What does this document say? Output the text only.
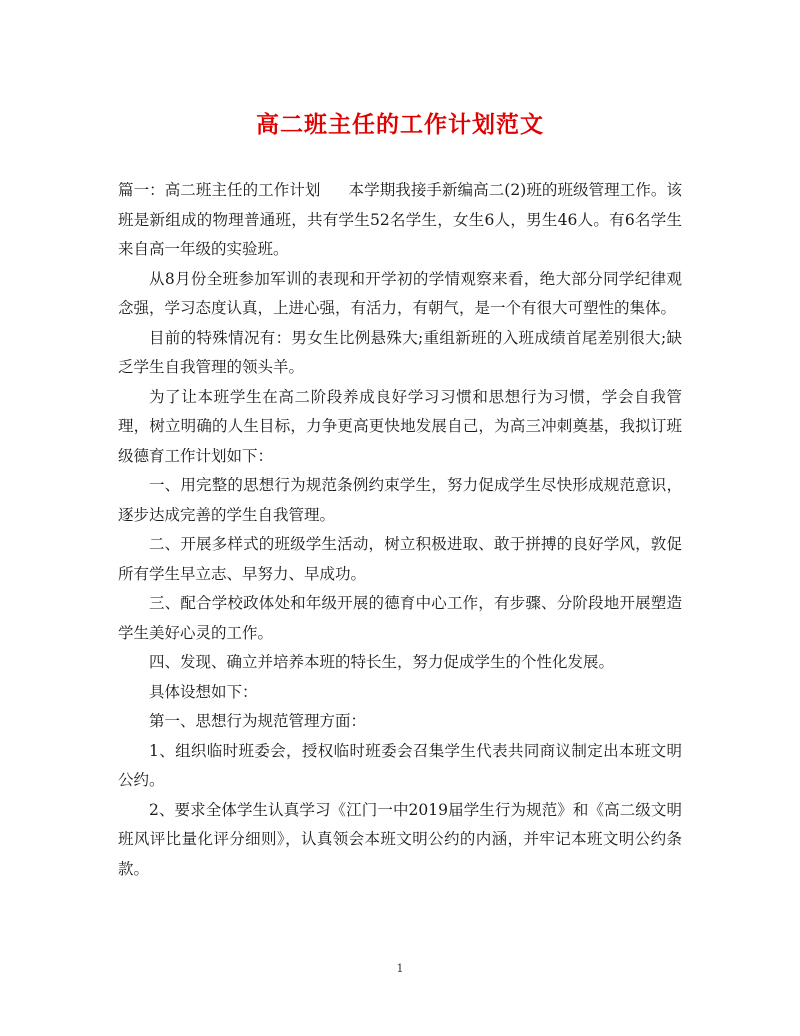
高二班主任的工作计划范文

篇一：高二班主任的工作计划 本学期我接手新编高二(2)班的班级管理工作。该班是新组成的物理普通班，共有学生52名学生，女生6人，男生46人。有6名学生来自高一年级的实验班。

从8月份全班参加军训的表现和开学初的学情观察来看，绝大部分同学纪律观念强，学习态度认真，上进心强，有活力，有朝气，是一个有很大可塑性的集体。

目前的特殊情况有：男女生比例悬殊大;重组新班的入班成绩首尾差别很大;缺乏学生自我管理的领头羊。

为了让本班学生在高二阶段养成良好学习习惯和思想行为习惯，学会自我管理，树立明确的人生目标，力争更高更快地发展自己，为高三冲刺奠基，我拟订班级德育工作计划如下：

一、用完整的思想行为规范条例约束学生，努力促成学生尽快形成规范意识，逐步达成完善的学生自我管理。

二、开展多样式的班级学生活动，树立积极进取、敢于拼搏的良好学风，敦促所有学生早立志、早努力、早成功。

三、配合学校政体处和年级开展的德育中心工作，有步骤、分阶段地开展塑造学生美好心灵的工作。

四、发现、确立并培养本班的特长生，努力促成学生的个性化发展。

具体设想如下：

第一、思想行为规范管理方面：

1、组织临时班委会，授权临时班委会召集学生代表共同商议制定出本班文明公约。

2、要求全体学生认真学习《江门一中2019届学生行为规范》和《高二级文明班风评比量化评分细则》，认真领会本班文明公约的内涵，并牢记本班文明公约条款。

1
